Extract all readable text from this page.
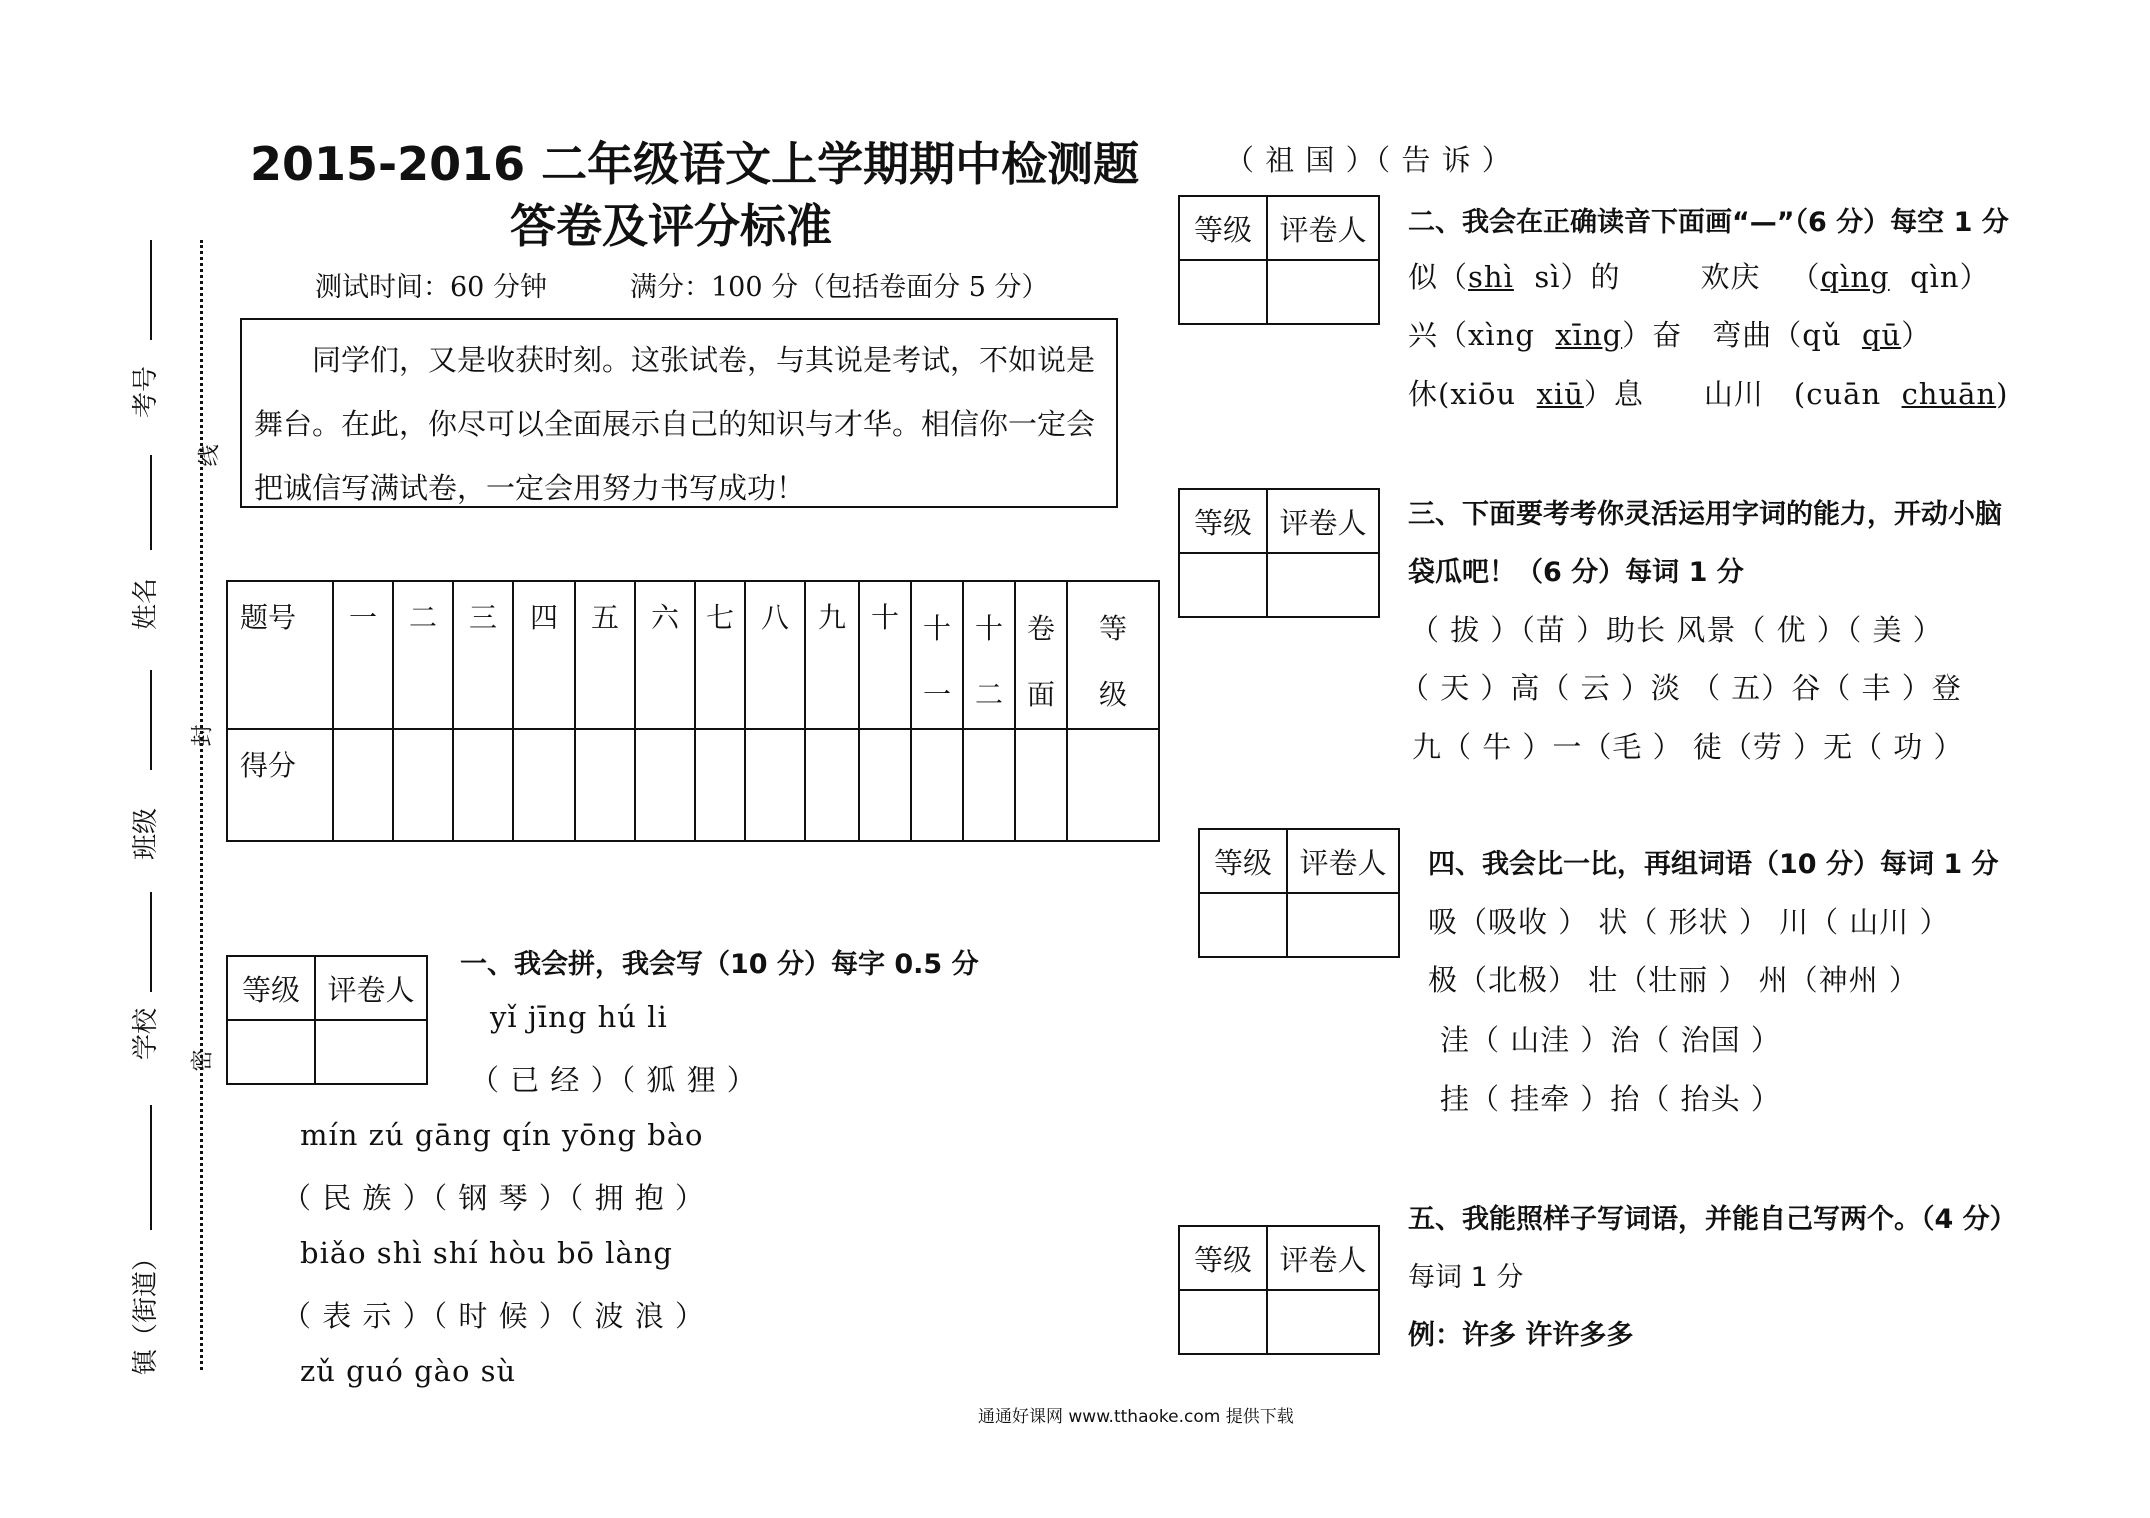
考号
姓名
班级
学校
镇（街道）
线
封
密
2015-2016 二年级语文上学期期中检测题
答卷及评分标准
测试时间：60 分钟	满分：100 分（包括卷面分 5 分）

同学们，又是收获时刻。这张试卷，与其说是考试，不如说是舞台。在此，你尽可以全面展示自己的知识与才华。相信你一定会把诚信写满试卷，一定会用努力书写成功！

题号	一	二	三	四	五	六	七	八	九	十	十一	十二	卷面	等级
得分														
等级	评卷人

一、我会拼，我会写（10 分）每字 0.5 分
yǐ jīng hú li
（ 已 经 ）（ 狐 狸 ）
mín zú gāng qín yōng bào
（ 民 族 ）（ 钢 琴 ）（ 拥 抱 ）
biǎo shì shí hòu bō làng
（ 表 示 ）（ 时 候 ）（ 波 浪 ）
zǔ guó gào sù
（ 祖 国 ）（ 告 诉 ）
等级	评卷人
	二、我会在正确读音下面画“—”（6 分）每空 1 分
似（shì sì）的	欢庆 （qìng qìn）
兴（xìng xīng）奋 弯曲（qǔ qū）
休(xiōu xiū）息 山川 (cuān chuān)
等级	评卷人
	三、下面要考考你灵活运用字词的能力，开动小脑
袋瓜吧！（6 分）每词 1 分
（ 拔 ）（苗 ）助长 风景（ 优 ）（ 美 ）
（ 天 ）高（ 云 ）淡 （ 五）谷（ 丰 ）登
九（ 牛 ）一（毛 ） 徒（劳 ）无（ 功 ）
等级	评卷人
	四、我会比一比，再组词语（10 分）每词 1 分
吸（吸收 ） 状（ 形状 ） 川（ 山川 ）
极（北极） 壮（壮丽 ） 州（神州 ）
洼（ 山洼 ）治（ 治国 ）
挂（ 挂牵 ）抬（ 抬头 ）
等级	评卷人

五、我能照样子写词语，并能自己写两个。（4 分）
每词 1 分
例：许多 许许多多
通通好课网 www.tthaoke.com 提供下载
